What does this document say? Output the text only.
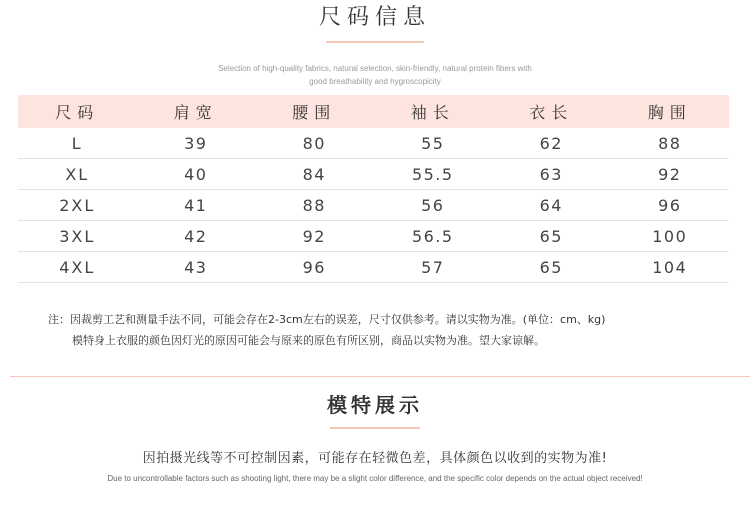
尺码信息
Selection of high-quality fabrics, natural selection, skin-friendly, natural protein fibers with
good breathability and hygroscopicity
尺码	肩宽	腰围	袖长	衣长	胸围
L	39	80	55	62	88
XL	40	84	55.5	63	92
2XL	41	88	56	64	96
3XL	42	92	56.5	65	100
4XL	43	96	57	65	104
注：因裁剪工艺和测量手法不同，可能会存在2-3cm左右的误差，尺寸仅供参考。请以实物为准。(单位：cm、kg)
模特身上衣服的颜色因灯光的原因可能会与原来的原色有所区别，商品以实物为准。望大家谅解。
模特展示
因拍摄光线等不可控制因素，可能存在轻微色差，具体颜色以收到的实物为准!
Due to uncontrollable factors such as shooting light, there may be a slight color difference, and the specific color depends on the actual object received!
